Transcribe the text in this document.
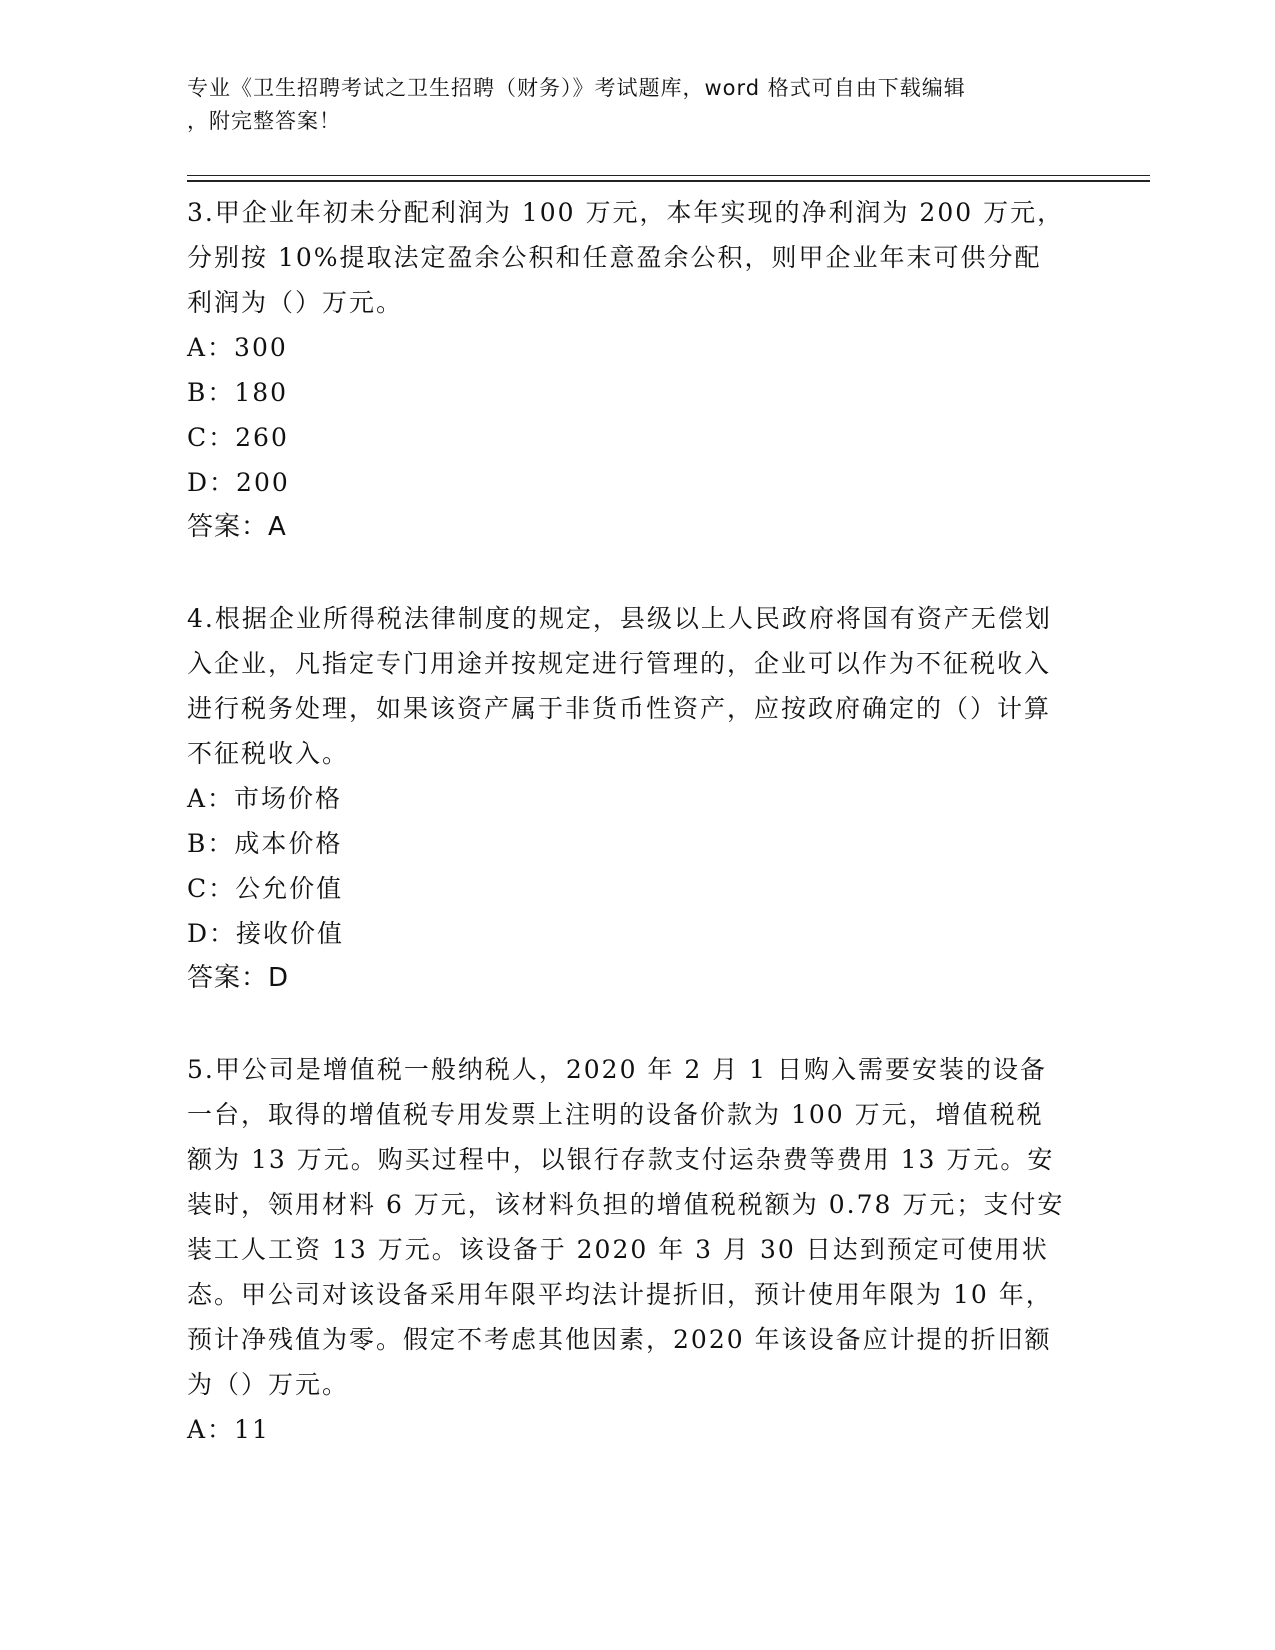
专业《卫生招聘考试之卫生招聘（财务）》考试题库，word 格式可自由下载编辑
，附完整答案！

3.甲企业年初未分配利润为 100 万元，本年实现的净利润为 200 万元，分别按 10%提取法定盈余公积和任意盈余公积，则甲企业年末可供分配利润为（）万元。

A：300

B：180

C：260

D：200

答案：A

4.根据企业所得税法律制度的规定，县级以上人民政府将国有资产无偿划入企业，凡指定专门用途并按规定进行管理的，企业可以作为不征税收入进行税务处理，如果该资产属于非货币性资产，应按政府确定的（）计算不征税收入。

A：市场价格

B：成本价格

C：公允价值

D：接收价值

答案：D

5.甲公司是增值税一般纳税人，2020 年 2 月 1 日购入需要安装的设备一台，取得的增值税专用发票上注明的设备价款为 100 万元，增值税税额为 13 万元。购买过程中，以银行存款支付运杂费等费用 13 万元。安装时，领用材料 6 万元，该材料负担的增值税税额为 0.78 万元；支付安装工人工资 13 万元。该设备于 2020 年 3 月 30 日达到预定可使用状态。甲公司对该设备采用年限平均法计提折旧，预计使用年限为 10 年，预计净残值为零。假定不考虑其他因素，2020 年该设备应计提的折旧额为（）万元。

A：11
